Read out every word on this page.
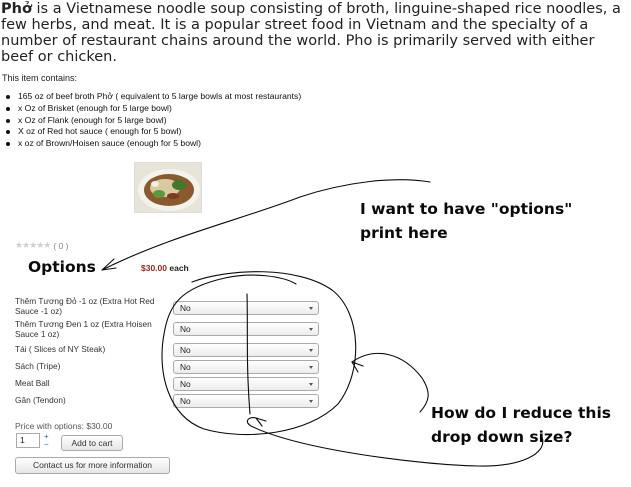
Phở is a Vietnamese noodle soup consisting of broth, linguine-shaped rice noodles, a few herbs, and meat. It is a popular street food in Vietnam and the specialty of a number of restaurant chains around the world. Pho is primarily served with either beef or chicken.

This item contains:
165 oz of beef broth Phở ( equivalent to 5 large bowls at most restaurants)
x Oz of Brisket (enough for 5 large bowl)
x Oz of Flank (enough for 5 large bowl)
X oz of Red hot sauce ( enough for 5 bowl)
x oz of Brown/Hoisen sauce (enough for 5 bowl)
★★★★★ ( 0 )
$30.00 each
Thêm Tương Đỏ -1 oz (Extra Hot Red
Sauce -1 oz)	No
Thêm Tương Đen 1 oz (Extra Hoisen
Sauce 1 oz)	No
Tái ( Slices of NY Steak)	No
Sách (Tripe)	No
Meat Ball	No
Gân (Tendon)	No
Price with options: $30.00
1	+
−	Add to cart
Contact us for more information
Options
I want to have "options"
print here
How do I reduce this
drop down size?
